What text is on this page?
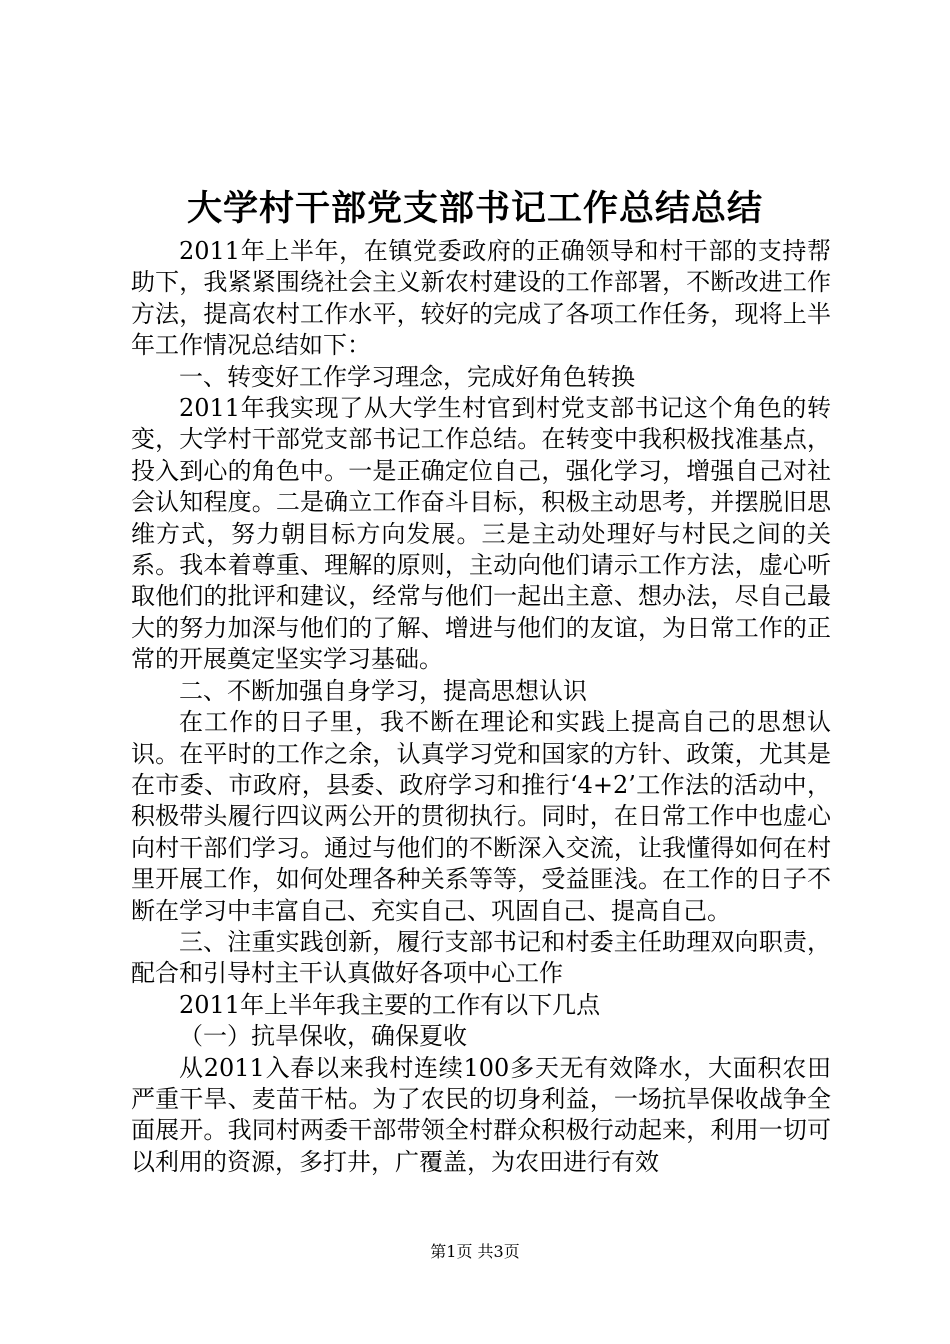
大学村干部党支部书记工作总结总结

2011年上半年，在镇党委政府的正确领导和村干部的支持帮助下，我紧紧围绕社会主义新农村建设的工作部署，不断改进工作方法，提高农村工作水平，较好的完成了各项工作任务，现将上半年工作情况总结如下：

一、转变好工作学习理念，完成好角色转换

2011年我实现了从大学生村官到村党支部书记这个角色的转变，大学村干部党支部书记工作总结。在转变中我积极找准基点，投入到心的角色中。一是正确定位自己，强化学习，增强自己对社会认知程度。二是确立工作奋斗目标，积极主动思考，并摆脱旧思维方式，努力朝目标方向发展。三是主动处理好与村民之间的关系。我本着尊重、理解的原则，主动向他们请示工作方法，虚心听取他们的批评和建议，经常与他们一起出主意、想办法，尽自己最大的努力加深与他们的了解、增进与他们的友谊，为日常工作的正常的开展奠定坚实学习基础。

二、不断加强自身学习，提高思想认识

在工作的日子里，我不断在理论和实践上提高自己的思想认识。在平时的工作之余，认真学习党和国家的方针、政策，尤其是在市委、市政府，县委、政府学习和推行‘4+2’工作法的活动中，积极带头履行四议两公开的贯彻执行。同时，在日常工作中也虚心向村干部们学习。通过与他们的不断深入交流，让我懂得如何在村里开展工作，如何处理各种关系等等，受益匪浅。在工作的日子不断在学习中丰富自己、充实自己、巩固自己、提高自己。

三、注重实践创新，履行支部书记和村委主任助理双向职责，配合和引导村主干认真做好各项中心工作

2011年上半年我主要的工作有以下几点

（一）抗旱保收，确保夏收

从2011入春以来我村连续100多天无有效降水，大面积农田严重干旱、麦苗干枯。为了农民的切身利益，一场抗旱保收战争全面展开。我同村两委干部带领全村群众积极行动起来，利用一切可以利用的资源，多打井，广覆盖，为农田进行有效

第1页 共3页
